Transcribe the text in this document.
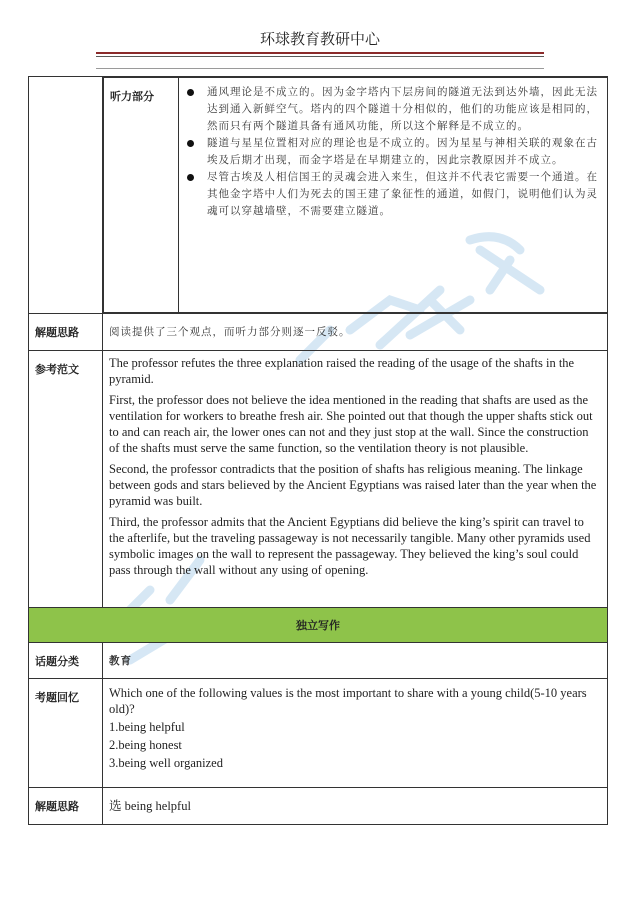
环球教育教研中心

听力部分	通风理论是不成立的。因为金字塔内下层房间的隧道无法到达外墙，因此无法达到通入新鲜空气。塔内的四个隧道十分相似的，他们的功能应该是相同的，然而只有两个隧道具备有通风功能，所以这个解释是不成立的。
隧道与星星位置相对应的理论也是不成立的。因为星星与神相关联的观象在古埃及后期才出现，而金字塔是在早期建立的，因此宗教原因并不成立。
尽管古埃及人相信国王的灵魂会进入来生，但这并不代表它需要一个通道。在其他金字塔中人们为死去的国王建了象征性的通道，如假门，说明他们认为灵魂可以穿越墙壁，不需要建立隧道。

解题思路	阅读提供了三个观点，而听力部分则逐一反驳。

参考范文	The professor refutes the three explanation raised the reading of the usage of the shafts in the pyramid.

First, the professor does not believe the idea mentioned in the reading that shafts are used as the ventilation for workers to breathe fresh air. She pointed out that though the upper shafts stick out to and can reach air, the lower ones can not and they just stop at the wall. Since the construction of the shafts must serve the same function, so the ventilation theory is not plausible.

Second, the professor contradicts that the position of shafts has religious meaning. The linkage between gods and stars believed by the Ancient Egyptians was raised later than the year when the pyramid was built.

Third, the professor admits that the Ancient Egyptians did believe the king’s spirit can travel to the afterlife, but the traveling passageway is not necessarily tangible. Many other pyramids used symbolic images on the wall to represent the passageway. They believed the king’s soul could pass through the wall without any using of opening.

独立写作

话题分类	教育

考题回忆	Which one of the following values is the most important to share with a young child(5-10 years old)?
1.being helpful
2.being honest
3.being well organized

解题思路	选 being helpful
